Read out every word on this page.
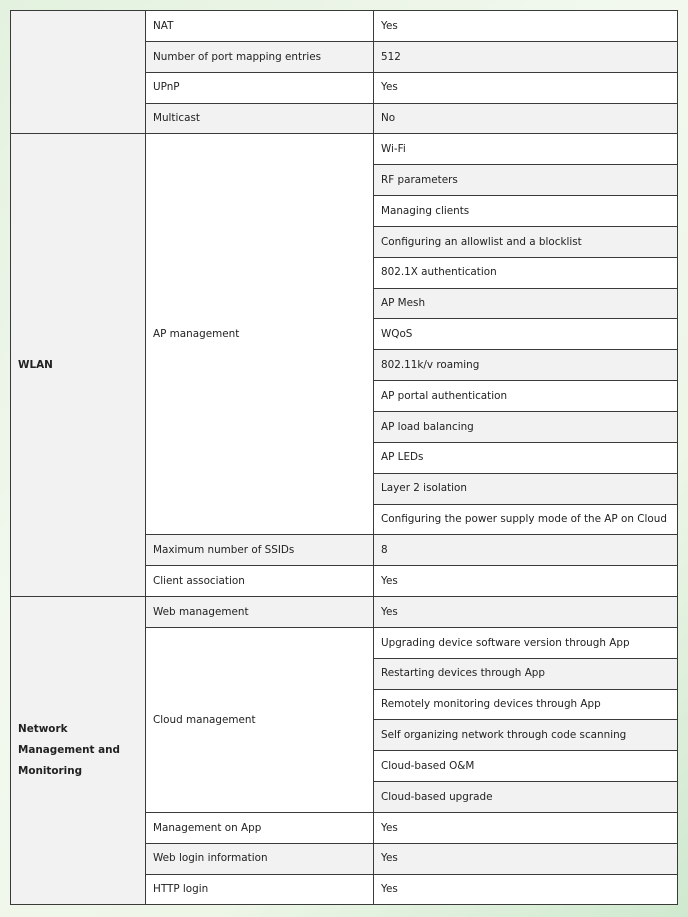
	NAT	Yes
	Number of port mapping entries	512
	UPnP	Yes
	Multicast	No
WLAN	AP management	Wi-Fi
		RF parameters
		Managing clients
		Configuring an allowlist and a blocklist
		802.1X authentication
		AP Mesh
		WQoS
		802.11k/v roaming
		AP portal authentication
		AP load balancing
		AP LEDs
		Layer 2 isolation
		Configuring the power supply mode of the AP on Cloud
	Maximum number of SSIDs	8
	Client association	Yes
Network Management and Monitoring	Web management	Yes
	Cloud management	Upgrading device software version through App
		Restarting devices through App
		Remotely monitoring devices through App
		Self organizing network through code scanning
		Cloud-based O&M
		Cloud-based upgrade
	Management on App	Yes
	Web login information	Yes
	HTTP login	Yes
